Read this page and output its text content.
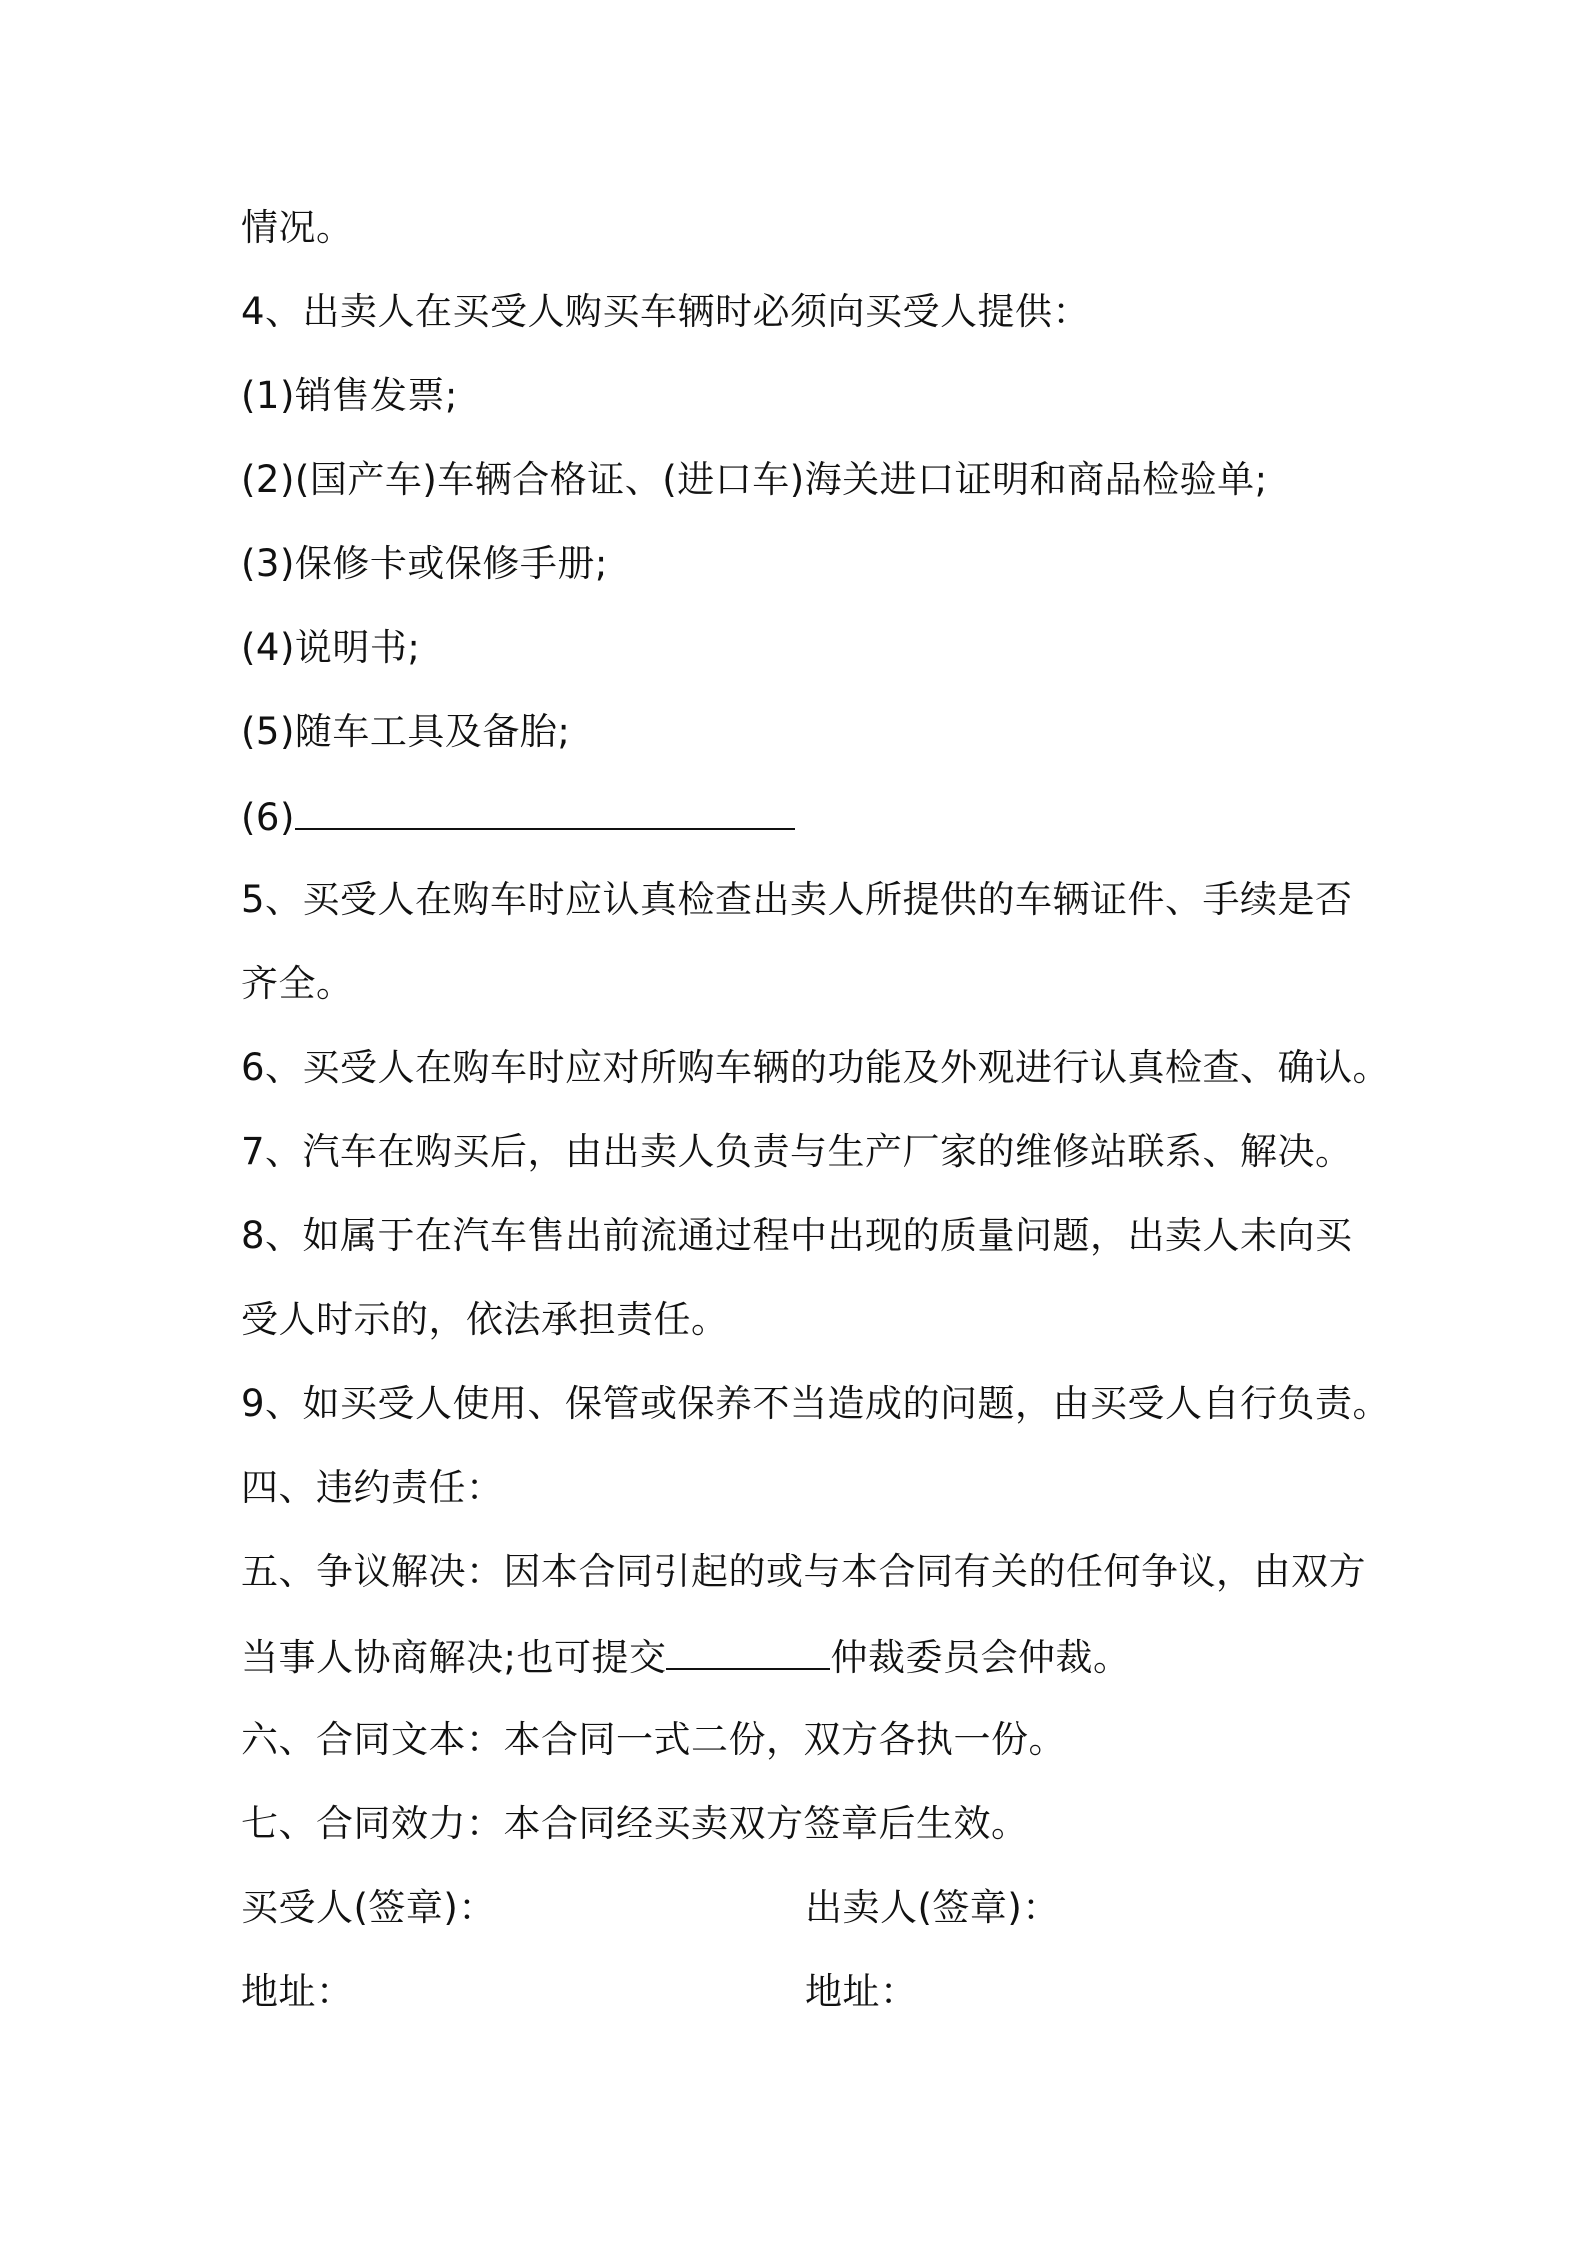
情况。
4、出卖人在买受人购买车辆时必须向买受人提供：
(1)销售发票;
(2)(国产车)车辆合格证、(进口车)海关进口证明和商品检验单;
(3)保修卡或保修手册;
(4)说明书;
(5)随车工具及备胎;
(6)
5、买受人在购车时应认真检查出卖人所提供的车辆证件、手续是否
齐全。
6、买受人在购车时应对所购车辆的功能及外观进行认真检查、确认。
7、汽车在购买后，由出卖人负责与生产厂家的维修站联系、解决。
8、如属于在汽车售出前流通过程中出现的质量问题，出卖人未向买
受人时示的，依法承担责任。
9、如买受人使用、保管或保养不当造成的问题，由买受人自行负责。
四、违约责任：
五、争议解决：因本合同引起的或与本合同有关的任何争议，由双方
当事人协商解决;也可提交	仲裁委员会仲裁。
六、合同文本：本合同一式二份，双方各执一份。
七、合同效力：本合同经买卖双方签章后生效。
买受人(签章)：	出卖人(签章)：
地址：	地址：
